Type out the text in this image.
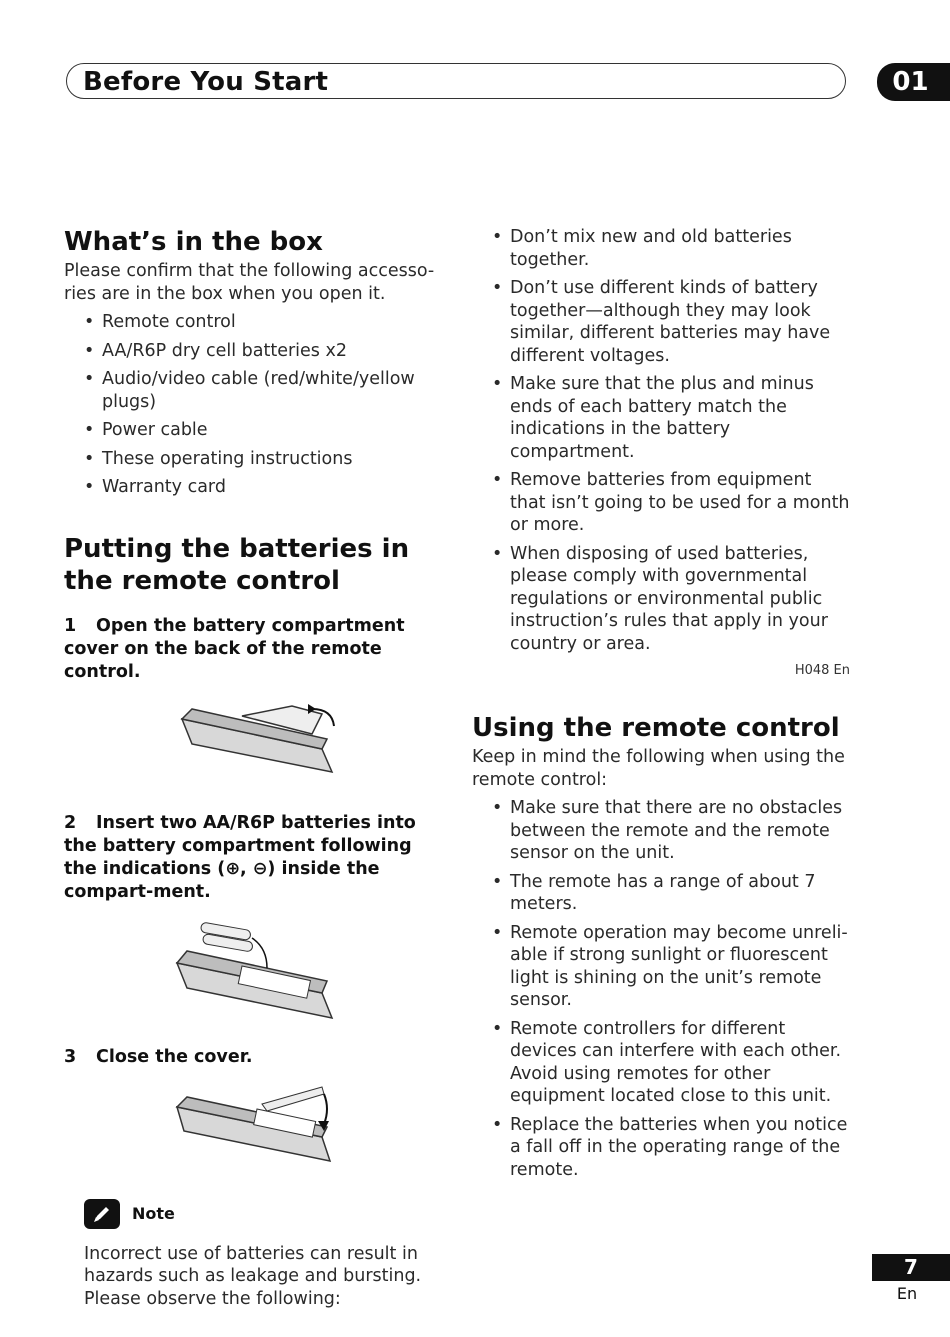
Before You Start	01
What’s in the box

Please confirm that the following accesso-ries are in the box when you open it.

• Remote control
• AA/R6P dry cell batteries x2
• Audio/video cable (red/white/yellow plugs)
• Power cable
• These operating instructions
• Warranty card
Putting the batteries in the remote control
1 Open the battery compartment cover on the back of the remote control.
2 Insert two AA/R6P batteries into the battery compartment following the indications (⊕, ⊖) inside the compart-ment.
3 Close the cover.
Note

Incorrect use of batteries can result in hazards such as leakage and bursting. Please observe the following:

• Don’t mix new and old batteries together.
• Don’t use different kinds of battery together—although they may look similar, different batteries may have different voltages.
• Make sure that the plus and minus ends of each battery match the indications in the battery compartment.
• Remove batteries from equipment that isn’t going to be used for a month or more.
• When disposing of used batteries, please comply with governmental regulations or environmental public instruction’s rules that apply in your country or area.
H048 En
Using the remote control

Keep in mind the following when using the remote control:

• Make sure that there are no obstacles between the remote and the remote sensor on the unit.
• The remote has a range of about 7 meters.
• Remote operation may become unreli-able if strong sunlight or fluorescent light is shining on the unit’s remote sensor.
• Remote controllers for different devices can interfere with each other. Avoid using remotes for other equipment located close to this unit.
• Replace the batteries when you notice a fall off in the operating range of the remote.
7
En
